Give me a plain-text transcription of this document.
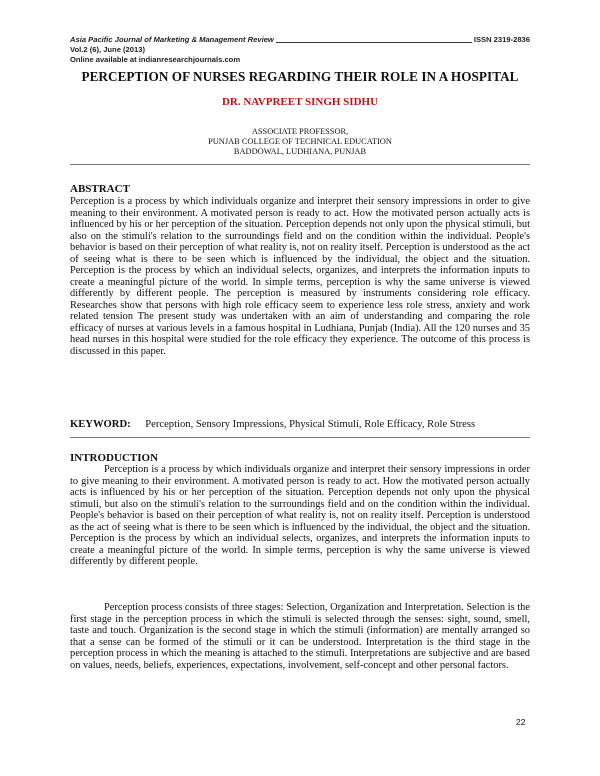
Asia Pacific Journal of Marketing & Management Review	ISSN 2319-2836
Vol.2 (6), June (2013)
Online available at indianresearchjournals.com
PERCEPTION OF NURSES REGARDING THEIR ROLE IN A HOSPITAL
DR. NAVPREET SINGH SIDHU
ASSOCIATE PROFESSOR,
PUNJAB COLLEGE OF TECHNICAL EDUCATION
BADDOWAL, LUDHIANA, PUNJAB
ABSTRACT
Perception is a process by which individuals organize and interpret their sensory impressions in order to give meaning to their environment. A motivated person is ready to act. How the motivated person actually acts is influenced by his or her perception of the situation. Perception depends not only upon the physical stimuli, but also on the stimuli's relation to the surroundings field and on the condition within the individual. People's behavior is based on their perception of what reality is, not on reality itself. Perception is understood as the act of seeing what is there to be seen which is influenced by the individual, the object and the situation. Perception is the process by which an individual selects, organizes, and interprets the information inputs to create a meaningful picture of the world. In simple terms, perception is why the same universe is viewed differently by different people. The perception is measured by instruments considering role efficacy. Researches show that persons with high role efficacy seem to experience less role stress, anxiety and work related tension The present study was undertaken with an aim of understanding and comparing the role efficacy of nurses at various levels in a famous hospital in Ludhiana, Punjab (India). All the 120 nurses and 35 head nurses in this hospital were studied for the role efficacy they experience. The outcome of this process is discussed in this paper.
KEYWORD: Perception, Sensory Impressions, Physical Stimuli, Role Efficacy, Role Stress
INTRODUCTION
Perception is a process by which individuals organize and interpret their sensory impressions in order to give meaning to their environment. A motivated person is ready to act. How the motivated person actually acts is influenced by his or her perception of the situation. Perception depends not only upon the physical stimuli, but also on the stimuli's relation to the surroundings field and on the condition within the individual. People's behavior is based on their perception of what reality is, not on reality itself. Perception is understood as the act of seeing what is there to be seen which is influenced by the individual, the object and the situation. Perception is the process by which an individual selects, organizes, and interprets the information inputs to create a meaningful picture of the world. In simple terms, perception is why the same universe is viewed differently by different people.
Perception process consists of three stages: Selection, Organization and Interpretation. Selection is the first stage in the perception process in which the stimuli is selected through the senses: sight, sound, smell, taste and touch. Organization is the second stage in which the stimuli (information) are mentally arranged so that a sense can be formed of the stimuli or it can be understood. Interpretation is the third stage in the perception process in which the meaning is attached to the stimuli. Interpretations are subjective and are based on values, needs, beliefs, experiences, expectations, involvement, self-concept and other personal factors.
22
